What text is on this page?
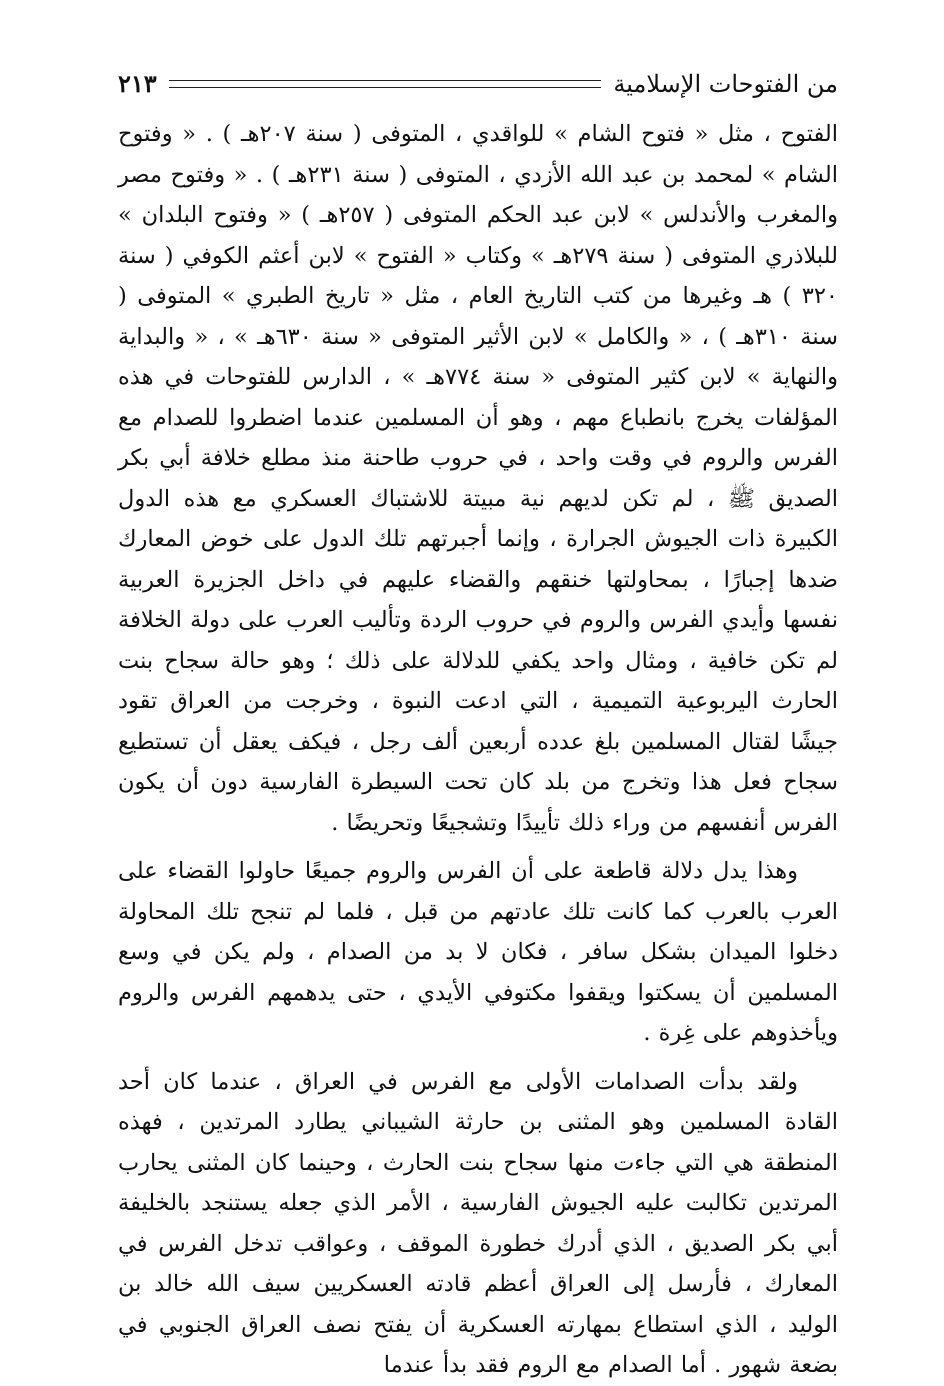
من الفتوحات الإسلامية
٢١٣

الفتوح ، مثل « فتوح الشام » للواقدي ، المتوفى ( سنة ٢٠٧هـ ) . « وفتوح الشام » لمحمد بن عبد الله الأزدي ، المتوفى ( سنة ٢٣١هـ ) . « وفتوح مصر والمغرب والأندلس » لابن عبد الحكم المتوفى ( ٢٥٧هـ ) « وفتوح البلدان » للبلاذري المتوفى ( سنة ٢٧٩هـ » وكتاب « الفتوح » لابن أعثم الكوفي ( سنة ٣٢٠ ) هـ وغيرها من كتب التاريخ العام ، مثل « تاريخ الطبري » المتوفى ( سنة ٣١٠هـ ) ، « والكامل » لابن الأثير المتوفى « سنة ٦٣٠هـ » ، « والبداية والنهاية » لابن كثير المتوفى « سنة ٧٧٤هـ » ، الدارس للفتوحات في هذه المؤلفات يخرج بانطباع مهم ، وهو أن المسلمين عندما اضطروا للصدام مع الفرس والروم في وقت واحد ، في حروب طاحنة منذ مطلع خلافة أبي بكر الصديق ﷺ ، لم تكن لديهم نية مبيتة للاشتباك العسكري مع هذه الدول الكبيرة ذات الجيوش الجرارة ، وإنما أجبرتهم تلك الدول على خوض المعارك ضدها إجبارًا ، بمحاولتها خنقهم والقضاء عليهم في داخل الجزيرة العربية نفسها وأيدي الفرس والروم في حروب الردة وتأليب العرب على دولة الخلافة لم تكن خافية ، ومثال واحد يكفي للدلالة على ذلك ؛ وهو حالة سجاح بنت الحارث اليربوعية التميمية ، التي ادعت النبوة ، وخرجت من العراق تقود جيشًا لقتال المسلمين بلغ عدده أربعين ألف رجل ، فيكف يعقل أن تستطيع سجاح فعل هذا وتخرج من بلد كان تحت السيطرة الفارسية دون أن يكون الفرس أنفسهم من وراء ذلك تأييدًا وتشجيعًا وتحريضًا .

وهذا يدل دلالة قاطعة على أن الفرس والروم جميعًا حاولوا القضاء على العرب بالعرب كما كانت تلك عادتهم من قبل ، فلما لم تنجح تلك المحاولة دخلوا الميدان بشكل سافر ، فكان لا بد من الصدام ، ولم يكن في وسع المسلمين أن يسكتوا ويقفوا مكتوفي الأيدي ، حتى يدهمهم الفرس والروم ويأخذوهم على غِرة .

ولقد بدأت الصدامات الأولى مع الفرس في العراق ، عندما كان أحد القادة المسلمين وهو المثنى بن حارثة الشيباني يطارد المرتدين ، فهذه المنطقة هي التي جاءت منها سجاح بنت الحارث ، وحينما كان المثنى يحارب المرتدين تكالبت عليه الجيوش الفارسية ، الأمر الذي جعله يستنجد بالخليفة أبي بكر الصديق ، الذي أدرك خطورة الموقف ، وعواقب تدخل الفرس في المعارك ، فأرسل إلى العراق أعظم قادته العسكريين سيف الله خالد بن الوليد ، الذي استطاع بمهارته العسكرية أن يفتح نصف العراق الجنوبي في بضعة شهور . أما الصدام مع الروم فقد بدأ عندما
